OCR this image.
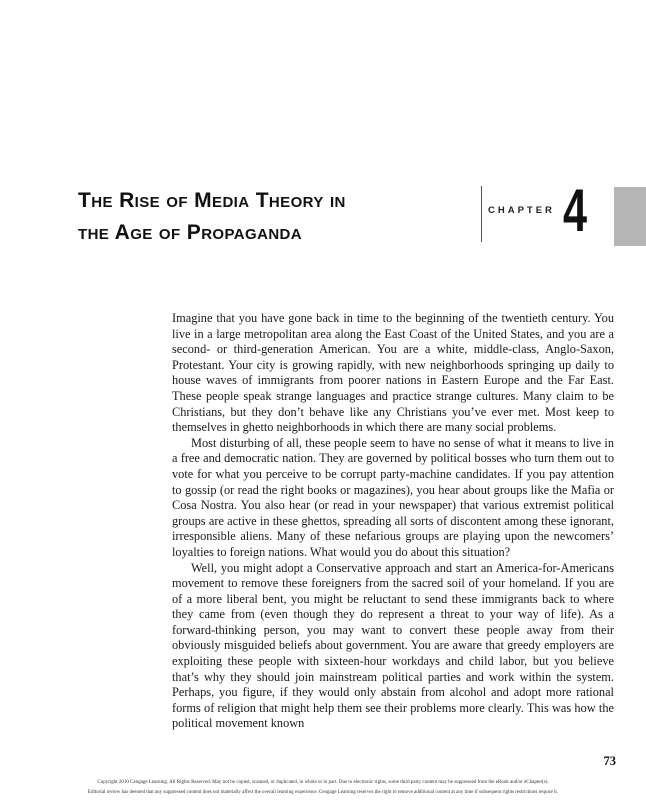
The Rise of Media Theory in
the Age of Propaganda
CHAPTER 4

Imagine that you have gone back in time to the beginning of the twentieth century. You live in a large metropolitan area along the East Coast of the United States, and you are a second- or third-generation American. You are a white, middle-class, Anglo-Saxon, Protestant. Your city is growing rapidly, with new neighborhoods springing up daily to house waves of immigrants from poorer nations in Eastern Europe and the Far East. These people speak strange languages and practice strange cultures. Many claim to be Christians, but they don’t behave like any Christians you’ve ever met. Most keep to themselves in ghetto neighborhoods in which there are many social problems.

Most disturbing of all, these people seem to have no sense of what it means to live in a free and democratic nation. They are governed by political bosses who turn them out to vote for what you perceive to be corrupt party-machine candidates. If you pay attention to gossip (or read the right books or magazines), you hear about groups like the Mafia or Cosa Nostra. You also hear (or read in your newspaper) that various extremist political groups are active in these ghettos, spreading all sorts of discontent among these ignorant, irresponsible aliens. Many of these nefarious groups are playing upon the newcomers’ loyalties to foreign nations. What would you do about this situation?

Well, you might adopt a Conservative approach and start an America-for-Americans movement to remove these foreigners from the sacred soil of your homeland. If you are of a more liberal bent, you might be reluctant to send these immigrants back to where they came from (even though they do represent a threat to your way of life). As a forward-thinking person, you may want to convert these people away from their obviously misguided beliefs about government. You are aware that greedy employers are exploiting these people with sixteen-hour workdays and child labor, but you believe that’s why they should join mainstream political parties and work within the system. Perhaps, you figure, if they would only abstain from alcohol and adopt more rational forms of religion that might help them see their problems more clearly. This was how the political movement known

73
Copyright 2010 Cengage Learning. All Rights Reserved. May not be copied, scanned, or duplicated, in whole or in part. Due to electronic rights, some third party content may be suppressed from the eBook and/or eChapter(s).
Editorial review has deemed that any suppressed content does not materially affect the overall learning experience. Cengage Learning reserves the right to remove additional content at any time if subsequent rights restrictions require it.
